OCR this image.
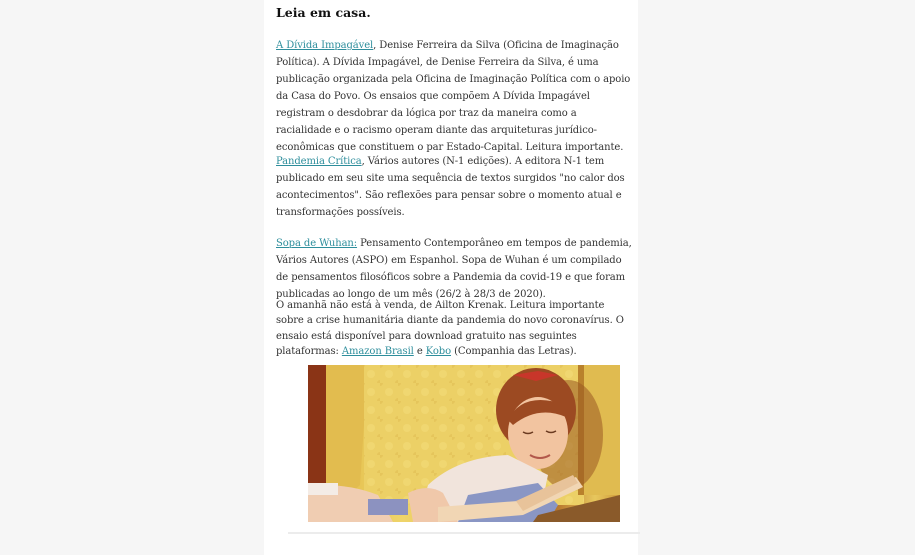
Leia em casa.

A Dívida Impagável, Denise Ferreira da Silva (Oficina de Imaginação Política). A Dívida Impagável, de Denise Ferreira da Silva, é uma publicação organizada pela Oficina de Imaginação Política com o apoio da Casa do Povo. Os ensaios que compõem A Dívida Impagável registram o desdobrar da lógica por traz da maneira como a racialidade e o racismo operam diante das arquiteturas jurídico-econômicas que constituem o par Estado-Capital. Leitura importante.

Pandemia Crítica, Vários autores (N-1 edições). A editora N-1 tem publicado em seu site uma sequência de textos surgidos "no calor dos acontecimentos". São reflexões para pensar sobre o momento atual e transformações possíveis.

Sopa de Wuhan: Pensamento Contemporâneo em tempos de pandemia, Vários Autores (ASPO) em Espanhol. Sopa de Wuhan é um compilado de pensamentos filosóficos sobre a Pandemia da covid-19 e que foram publicadas ao longo de um mês (26/2 à 28/3 de 2020).

O amanhã não está à venda, de Ailton Krenak. Leitura importante sobre a crise humanitária diante da pandemia do novo coronavírus. O ensaio está disponível para download gratuito nas seguintes plataformas: Amazon Brasil e Kobo (Companhia das Letras).
